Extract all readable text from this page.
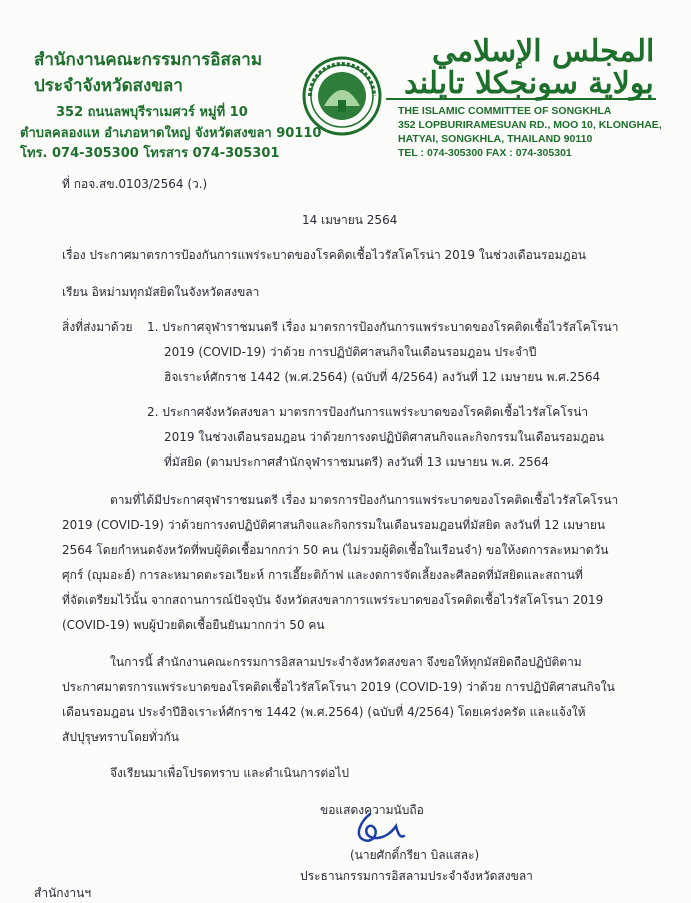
สำนักงานคณะกรรมการอิสลาม
ประจำจังหวัดสงขลา
352 ถนนลพบุรีราเมศวร์ หมู่ที่ 10
ตำบลคลองแห อำเภอหาดใหญ่ จังหวัดสงขลา 90110
โทร. 074-305300 โทรสาร 074-305301
المجلس الإسلامي
بولاية سونجكلا تايلند
THE ISLAMIC COMMITTEE OF SONGKHLA
352 LOPBURIRAMESUAN RD., MOO 10, KLONGHAE,
HATYAI, SONGKHLA, THAILAND 90110
TEL : 074-305300 FAX : 074-305301
ที่ กอจ.สข.0103/2564 (ว.)
14 เมษายน 2564
เรื่อง ประกาศมาตรการป้องกันการแพร่ระบาดของโรคติดเชื้อไวรัสโคโรน่า 2019 ในช่วงเดือนรอมฎอน
เรียน อิหม่ามทุกมัสยิดในจังหวัดสงขลา
สิ่งที่ส่งมาด้วย 1. ประกาศจุฬาราชมนตรี เรื่อง มาตรการป้องกันการแพร่ระบาดของโรคติดเชื้อไวรัสโคโรนา
2019 (COVID-19) ว่าด้วย การปฏิบัติศาสนกิจในเดือนรอมฎอน ประจำปี
ฮิจเราะห์ศักราช 1442 (พ.ศ.2564) (ฉบับที่ 4/2564) ลงวันที่ 12 เมษายน พ.ศ.2564
2. ประกาศจังหวัดสงขลา มาตรการป้องกันการแพร่ระบาดของโรคติดเชื้อไวรัสโคโรน่า
2019 ในช่วงเดือนรอมฎอน ว่าด้วยการงดปฏิบัติศาสนกิจและกิจกรรมในเดือนรอมฎอน
ที่มัสยิด (ตามประกาศสำนักจุฬาราชมนตรี) ลงวันที่ 13 เมษายน พ.ศ. 2564
ตามที่ได้มีประกาศจุฬาราชมนตรี เรื่อง มาตรการป้องกันการแพร่ระบาดของโรคติดเชื้อไวรัสโคโรนา
2019 (COVID-19) ว่าด้วยการงดปฏิบัติศาสนกิจและกิจกรรมในเดือนรอมฎอนที่มัสยิด ลงวันที่ 12 เมษายน
2564 โดยกำหนดจังหวัดที่พบผู้ติดเชื้อมากกว่า 50 คน (ไม่รวมผู้ติดเชื้อในเรือนจำ) ขอให้งดการละหมาดวัน
ศุกร์ (ญุมอะฮ์) การละหมาดตะรอเวียะห์ การเอี๊ยะติก้าฟ และงดการจัดเลี้ยงละศีลอดที่มัสยิดและสถานที่
ที่จัดเตรียมไว้นั้น จากสถานการณ์ปัจจุบัน จังหวัดสงขลาการแพร่ระบาดของโรคติดเชื้อไวรัสโคโรนา 2019
(COVID-19) พบผู้ป่วยติดเชื้อยืนยันมากกว่า 50 คน
ในการนี้ สำนักงานคณะกรรมการอิสลามประจำจังหวัดสงขลา จึงขอให้ทุกมัสยิดถือปฏิบัติตาม
ประกาศมาตรการแพร่ระบาดของโรคติดเชื้อไวรัสโคโรนา 2019 (COVID-19) ว่าด้วย การปฏิบัติศาสนกิจใน
เดือนรอมฎอน ประจำปีฮิจเราะห์ศักราช 1442 (พ.ศ.2564) (ฉบับที่ 4/2564) โดยเคร่งครัด และแจ้งให้
สัปปุรุษทราบโดยทั่วกัน
จึงเรียนมาเพื่อโปรดทราบ และดำเนินการต่อไป
ขอแสดงความนับถือ
(นายศักดิ์กรียา บิลแสละ)
ประธานกรรมการอิสลามประจำจังหวัดสงขลา
สำนักงานฯ
